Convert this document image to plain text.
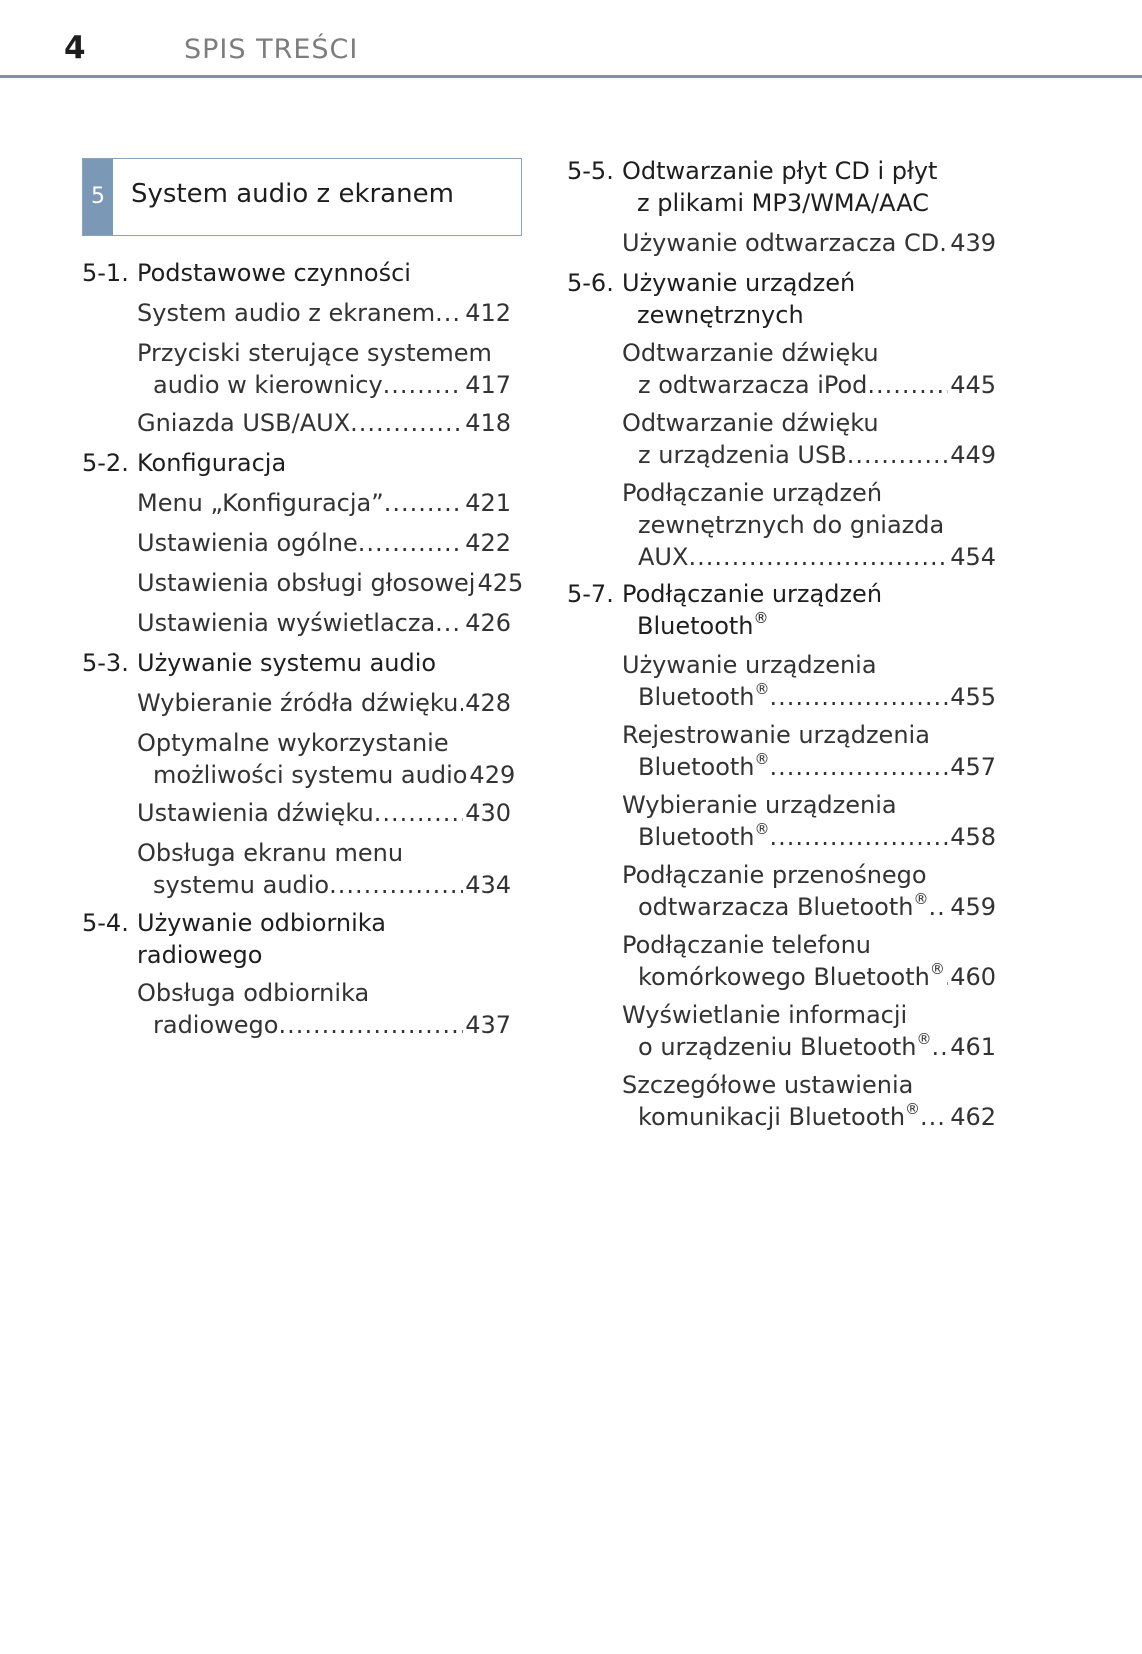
4	SPIS TREŚCI
5	System audio z ekranem
5-1. Podstawowe czynności
System audio z ekranem ..... 412
Przyciski sterujące systemem
audio w kierownicy .....	417
Gniazda USB/AUX .....	418
5-2. Konfiguracja
Menu „Konfiguracja” .....	421
Ustawienia ogólne .....	422
Ustawienia obsługi głosowej 425
Ustawienia wyświetlacza ..... 426
5-3. Używanie systemu audio
Wybieranie źródła dźwięku ..... 428
Optymalne wykorzystanie
możliwości systemu audio 429
Ustawienia dźwięku .....	430
Obsługa ekranu menu
systemu audio .....	434
5-4. Używanie odbiornika
radiowego
Obsługa odbiornika
radiowego .....	437
5-5. Odtwarzanie płyt CD i płyt
z plikami MP3/WMA/AAC
Używanie odtwarzacza CD ..... 439
5-6. Używanie urządzeń
zewnętrznych
Odtwarzanie dźwięku
z odtwarzacza iPod .....	445
Odtwarzanie dźwięku
z urządzenia USB .....	449
Podłączanie urządzeń
zewnętrznych do gniazda
AUX .....	454
5-7. Podłączanie urządzeń
Bluetooth®
Używanie urządzenia
Bluetooth® .....	455
Rejestrowanie urządzenia
Bluetooth® .....	457
Wybieranie urządzenia
Bluetooth® .....	458
Podłączanie przenośnego
odtwarzacza Bluetooth® ..... 459
Podłączanie telefonu
komórkowego Bluetooth® ..... 460
Wyświetlanie informacji
o urządzeniu Bluetooth® ..... 461
Szczegółowe ustawienia
komunikacji Bluetooth® ..... 462
